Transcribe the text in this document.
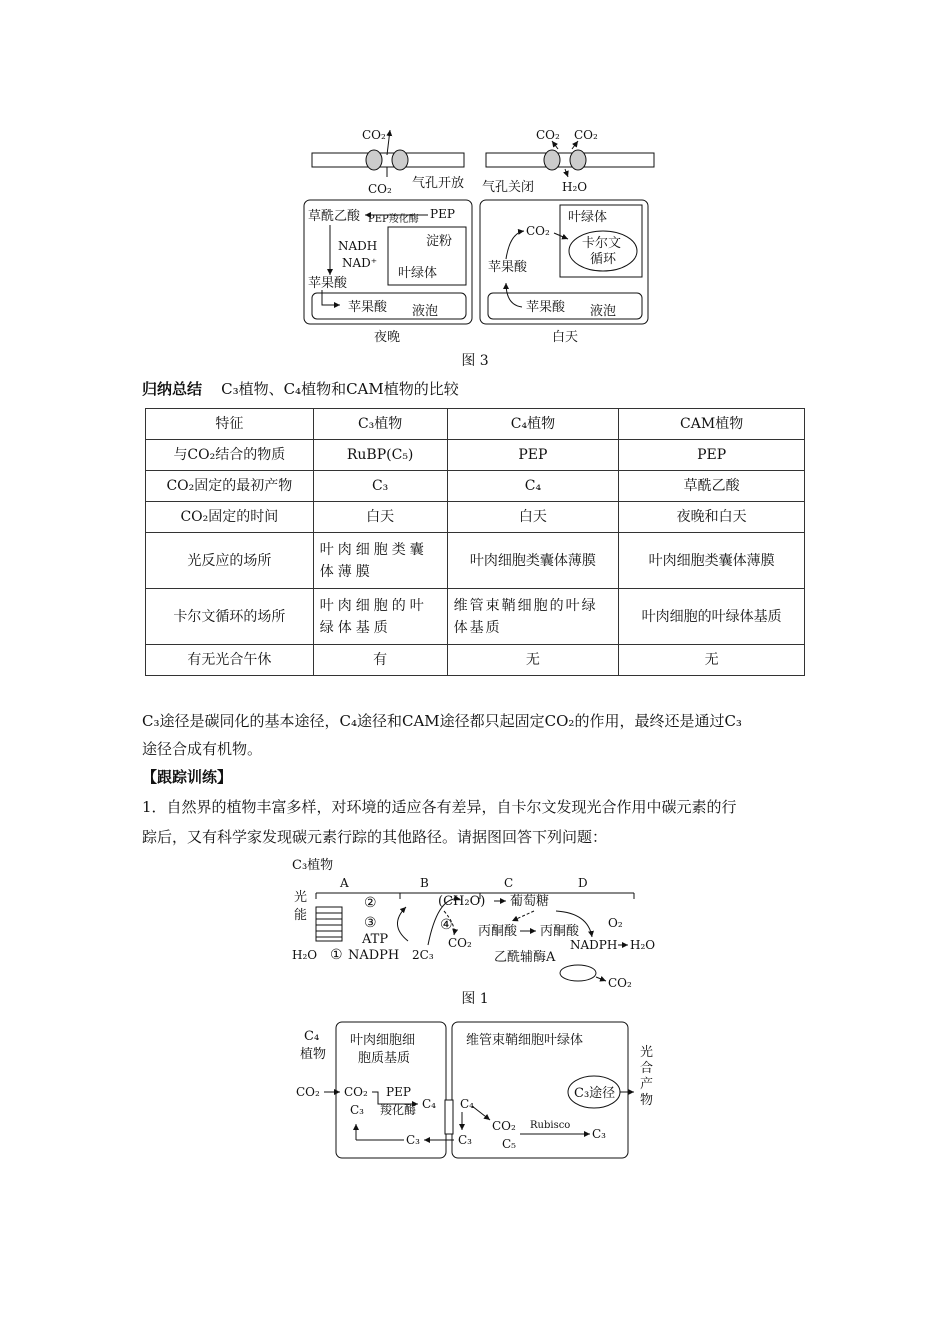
CO₂
CO₂ 气孔开放
草酰乙酸 PEP羧化酶 PEP
淀粉
NADH
NAD⁺
叶绿体
苹果酸
苹果酸 液泡
夜晚
CO₂ CO₂
气孔关闭 H₂O
叶绿体
卡尔文
循环
CO₂
苹果酸
苹果酸 液泡
白天
图 3
归纳总结 C₃植物、C₄植物和CAM植物的比较
特征	C₃植物	C₄植物	CAM植物
与CO₂结合的物质	RuBP(C₅)	PEP	PEP
CO₂固定的最初产物	C₃	C₄	草酰乙酸
CO₂固定的时间	白天	白天	夜晚和白天
光反应的场所	叶肉细胞类囊体薄膜	叶肉细胞类囊体薄膜	叶肉细胞类囊体薄膜
卡尔文循环的场所	叶肉细胞的叶绿体基质	维管束鞘细胞的叶绿体基质	叶肉细胞的叶绿体基质
有无光合午休	有	无	无
C₃途径是碳同化的基本途径，C₄途径和CAM途径都只起固定CO₂的作用，最终还是通过C₃
途径合成有机物。
【跟踪训练】
1．自然界的植物丰富多样，对环境的适应各有差异，自卡尔文发现光合作用中碳元素的行
踪后，又有科学家发现碳元素行踪的其他路径。请据图回答下列问题：
C₃植物
A	B	C	D
光
能
②
③
ATP
NADPH
①
H₂O
(CH₂O) 葡萄糖
④
2C₃
CO₂
丙酮酸 丙酮酸
O₂
NADPH H₂O
乙酰辅酶A
CO₂
图 1
C₄
植物
叶肉细胞细
胞质基质
维管束鞘细胞叶绿体
CO₂ CO₂ PEP
羧化酶 C₄
C₃
C₃
C₄
C₃
CO₂
C₅
Rubisco
C₃
C₃途径
光
合
产
物
